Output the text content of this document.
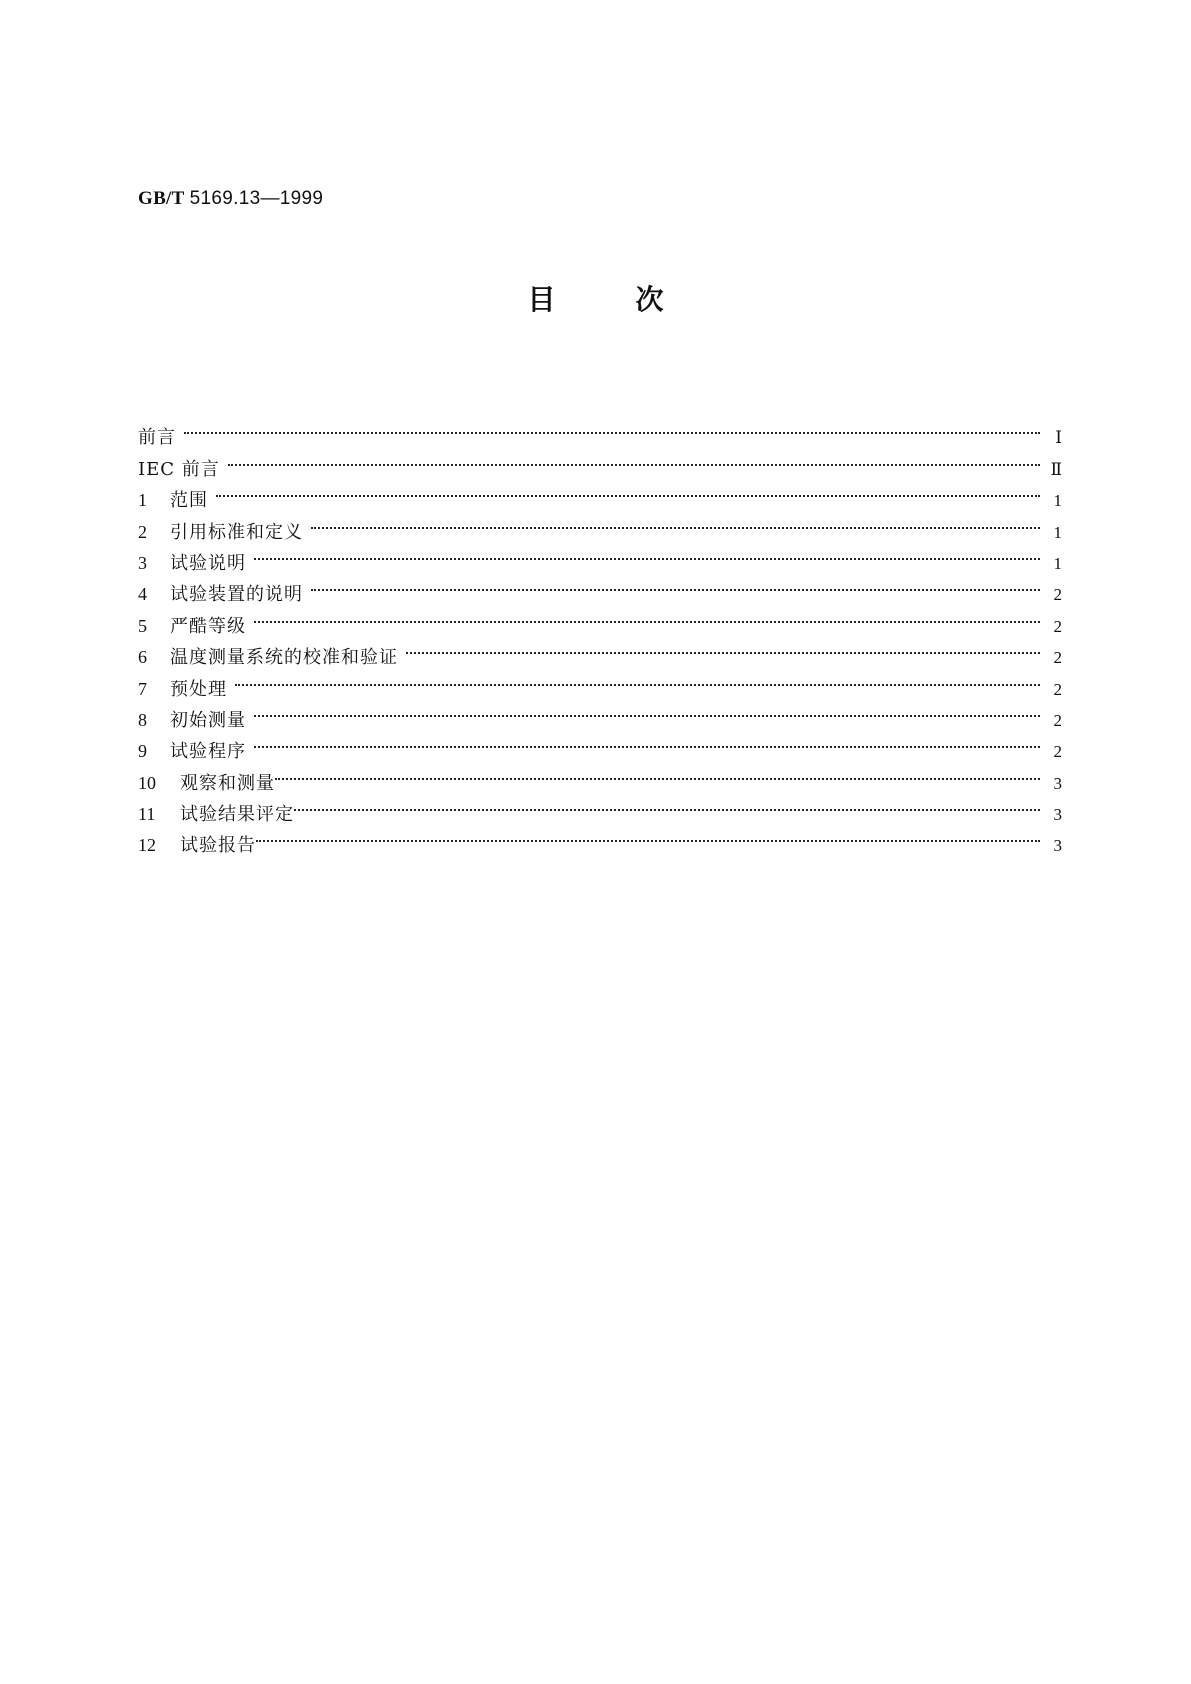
GB/T 5169.13—1999
目次
前言	Ⅰ
IEC 前言	Ⅱ
1	范围	1
2	引用标准和定义	1
3	试验说明	1
4	试验装置的说明	2
5	严酷等级	2
6	温度测量系统的校准和验证	2
7	预处理	2
8	初始测量	2
9	试验程序	2
10	观察和测量	3
11	试验结果评定	3
12	试验报告	3
